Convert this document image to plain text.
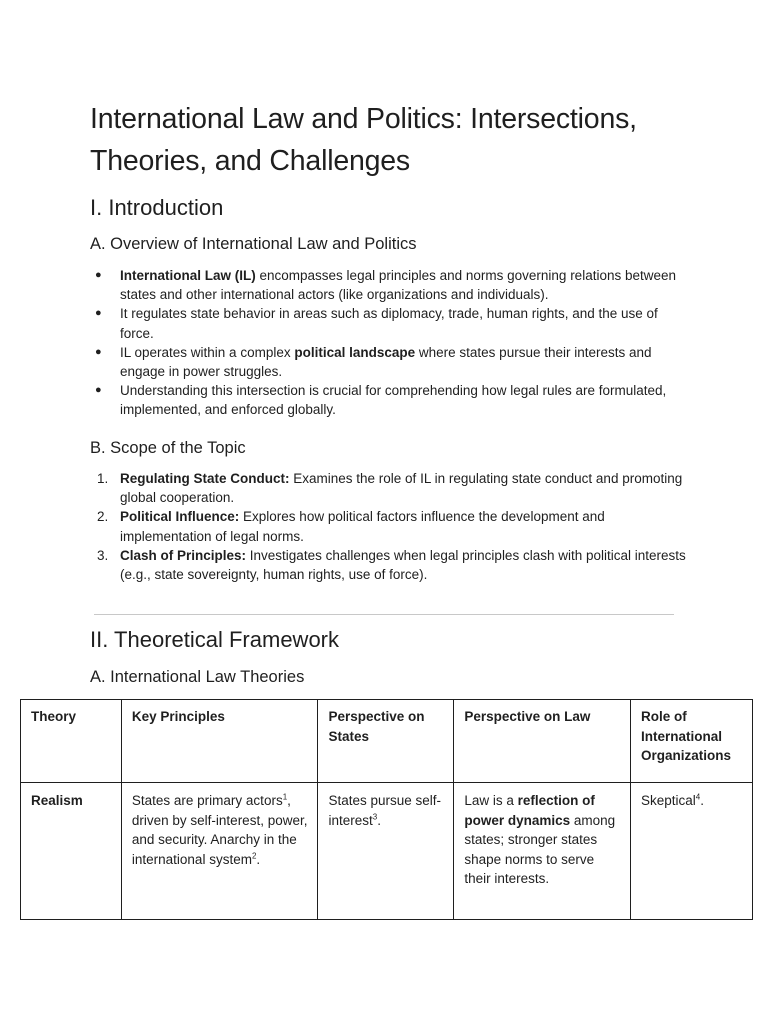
International Law and Politics: Intersections, Theories, and Challenges
I. Introduction
A. Overview of International Law and Politics
● International Law (IL) encompasses legal principles and norms governing relations between states and other international actors (like organizations and individuals).
● It regulates state behavior in areas such as diplomacy, trade, human rights, and the use of force.
● IL operates within a complex political landscape where states pursue their interests and engage in power struggles.
● Understanding this intersection is crucial for comprehending how legal rules are formulated, implemented, and enforced globally.
B. Scope of the Topic
1. Regulating State Conduct: Examines the role of IL in regulating state conduct and promoting global cooperation.
2. Political Influence: Explores how political factors influence the development and implementation of legal norms.
3. Clash of Principles: Investigates challenges when legal principles clash with political interests (e.g., state sovereignty, human rights, use of force).
II. Theoretical Framework
A. International Law Theories
Theory	Key Principles	Perspective on States	Perspective on Law	Role of International Organizations
Realism	States are primary actors$^1$, driven by self-interest, power, and security. Anarchy in the international system$^2$.	States pursue self-interest$^3$.	Law is a reflection of power dynamics among states; stronger states shape norms to serve their interests.	Skeptical$^4$.
